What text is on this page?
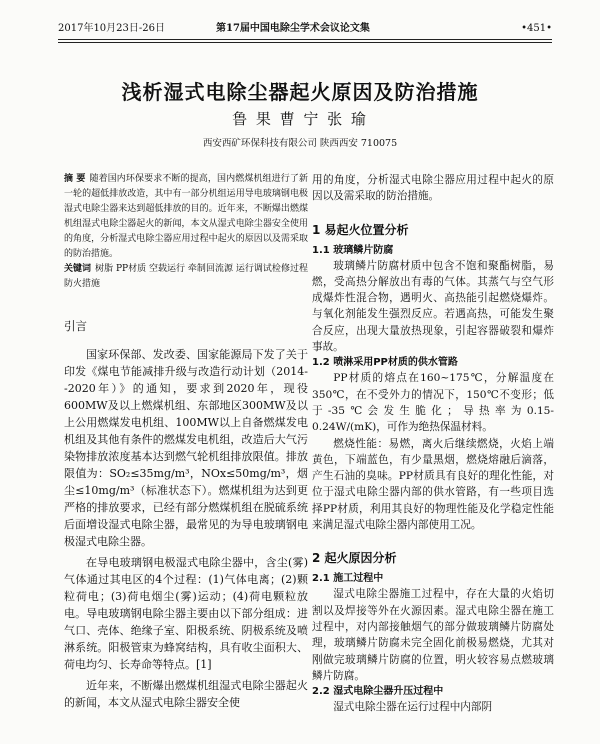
2017年10月23日-26日	第17届中国电除尘学术会议论文集	•451•
浅析湿式电除尘器起火原因及防治措施
鲁 果 曹 宁 张 瑜
西安西矿环保科技有限公司 陕西西安 710075

摘 要 随着国内环保要求不断的提高，国内燃煤机组进行了新一轮的超低排放改造，其中有一部分机组运用导电玻璃钢电极湿式电除尘器来达到超低排放的目的。近年来，不断爆出燃煤机组湿式电除尘器起火的新闻，本文从湿式电除尘器安全使用的角度，分析湿式电除尘器应用过程中起火的原因以及需采取的防治措施。

关键词 树脂 PP材质 空载运行 牵制回流源 运行调试检修过程防火措施

引言

国家环保部、发改委、国家能源局下发了关于印发《煤电节能减排升级与改造行动计划（2014--2020年）》的通知，要求到2020年，现役600MW及以上燃煤机组、东部地区300MW及以上公用燃煤发电机组、100MW以上自备燃煤发电机组及其他有条件的燃煤发电机组，改造后大气污染物排放浓度基本达到燃气轮机组排放限值。排放限值为：SO₂≤35mg/m³，NOx≤50mg/m³，烟尘≤10mg/m³（标准状态下）。燃煤机组为达到更严格的排放要求，已经有部分燃煤机组在脱硫系统后面增设湿式电除尘器，最常见的为导电玻璃钢电极湿式电除尘器。

在导电玻璃钢电极湿式电除尘器中，含尘(雾)气体通过其电区的4个过程：(1)气体电离；(2)颗粒荷电；(3)荷电烟尘(雾)运动；(4)荷电颗粒放电。导电玻璃钢电除尘器主要由以下部分组成：进气口、壳体、绝缘子室、阳极系统、阴极系统及喷淋系统。阳极管束为蜂窝结构，具有收尘面积大、荷电均匀、长寿命等特点。[1]

近年来，不断爆出燃煤机组湿式电除尘器起火的新闻，本文从湿式电除尘器安全使

用的角度，分析湿式电除尘器应用过程中起火的原因以及需采取的防治措施。

1 易起火位置分析
1.1 玻璃鳞片防腐

玻璃鳞片防腐材质中包含不饱和聚酯树脂，易燃，受高热分解放出有毒的气体。其蒸气与空气形成爆炸性混合物，遇明火、高热能引起燃烧爆炸。与氧化剂能发生强烈反应。若遇高热，可能发生聚合反应，出现大量放热现象，引起容器破裂和爆炸事故。

1.2 喷淋采用PP材质的供水管路

PP材质的熔点在160~175℃，分解温度在350℃，在不受外力的情况下，150℃不变形；低于-35℃会发生脆化；导热率为0.15-0.24W/(mK)，可作为绝热保温材料。

燃烧性能：易燃，离火后继续燃烧，火焰上端黄色，下端蓝色，有少量黑烟，燃烧熔融后滴落，产生石油的臭味。PP材质具有良好的理化性能，对位于湿式电除尘器内部的供水管路，有一些项目选择PP材质，利用其良好的物理性能及化学稳定性能来满足湿式电除尘器内部使用工况。

2 起火原因分析
2.1 施工过程中

湿式电除尘器施工过程中，存在大量的火焰切割以及焊接等外在火源因素。湿式电除尘器在施工过程中，对内部接触烟气的部分做玻璃鳞片防腐处理，玻璃鳞片防腐未完全固化前极易燃烧，尤其对刚做完玻璃鳞片防腐的位置，明火较容易点燃玻璃鳞片防腐。

2.2 湿式电除尘器升压过程中

湿式电除尘器在运行过程中内部阴
